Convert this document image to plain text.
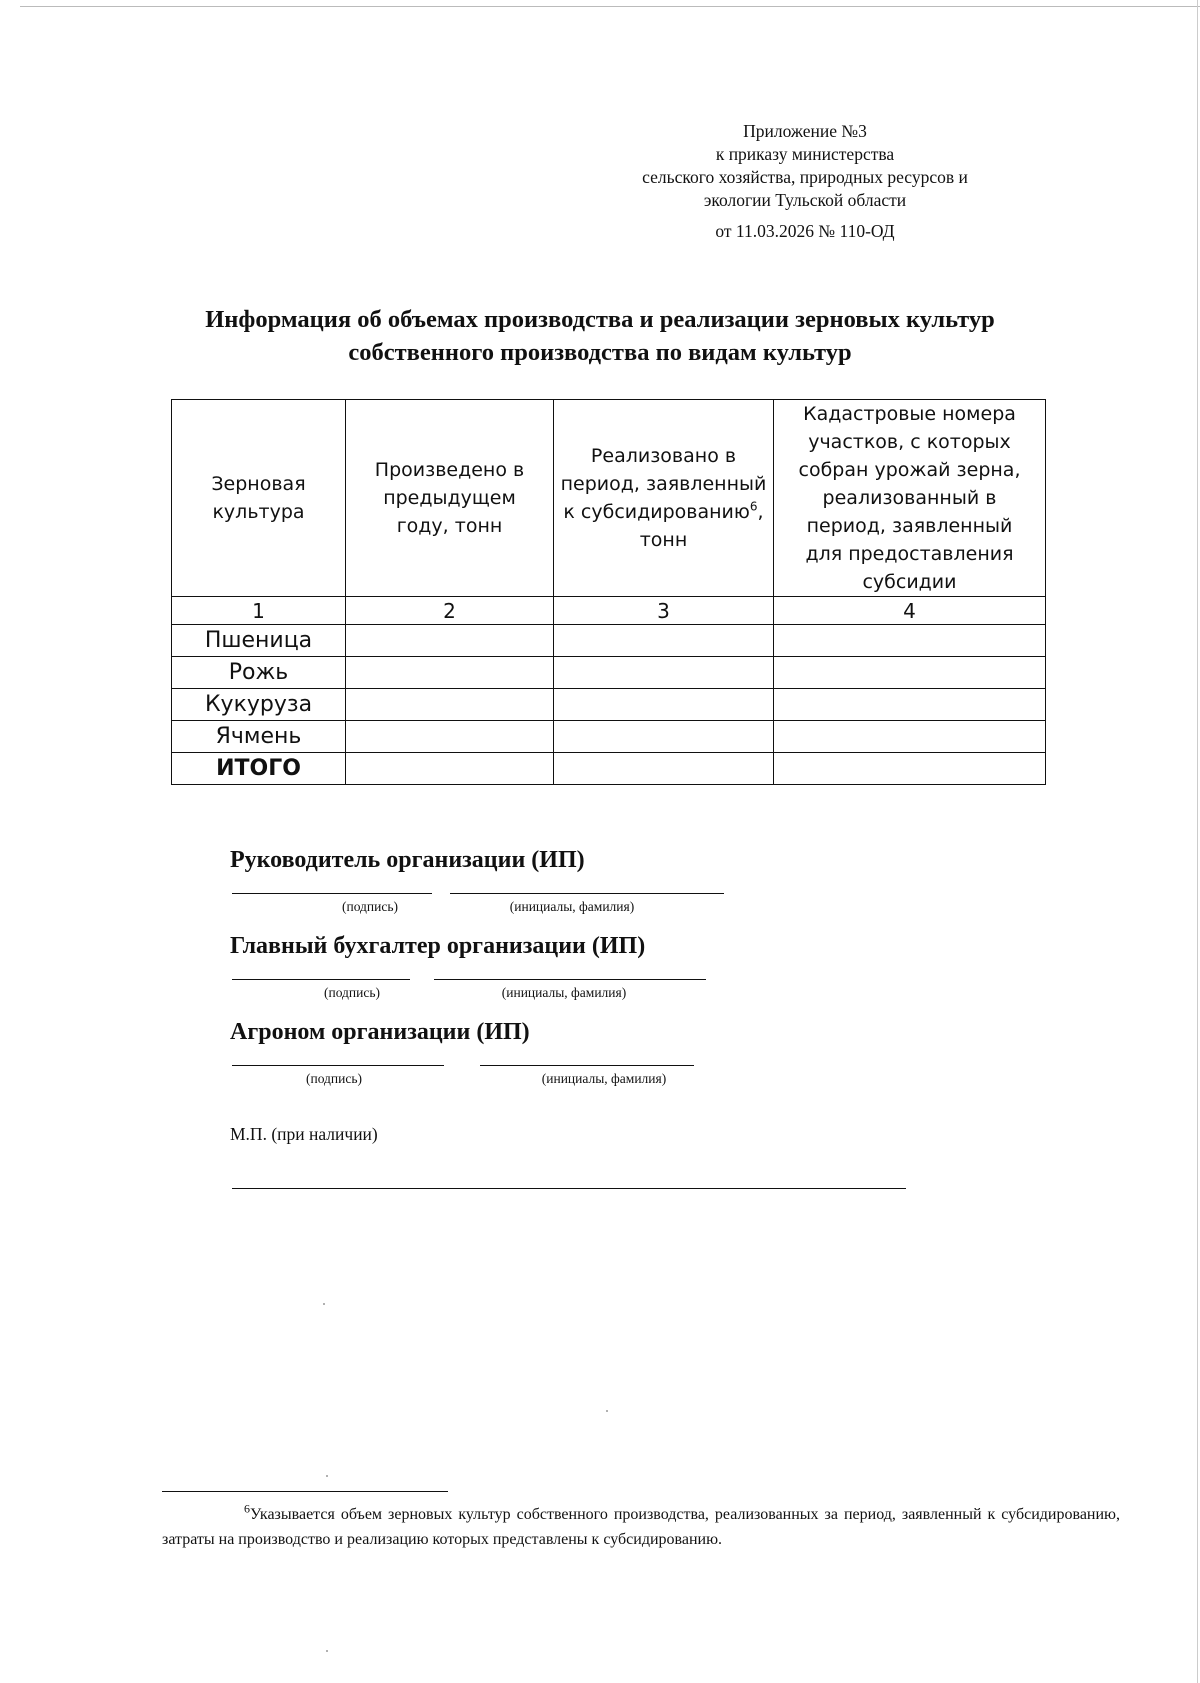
Приложение №3
к приказу министерства
сельского хозяйства, природных ресурсов и
экологии Тульской области
от 11.03.2026 № 110-ОД
Информация об объемах производства и реализации зерновых культур
собственного производства по видам культур
Зерновая культура	Произведено в предыдущем году, тонн	Реализовано в период, заявленный к субсидированию$^6$, тонн	Кадастровые номера участков, с которых собран урожай зерна, реализованный в период, заявленный для предоставления субсидии

1	2	3	4
Пшеница			
Рожь			
Кукуруза			
Ячмень			
ИТОГО			
Руководитель организации (ИП)
(подпись)	(инициалы, фамилия)
Главный бухгалтер организации (ИП)
(подпись)	(инициалы, фамилия)
Агроном организации (ИП)
(подпись)	(инициалы, фамилия)
М.П. (при наличии)
$^6$Указывается объем зерновых культур собственного производства, реализованных за период, заявленный к субсидированию, затраты на производство и реализацию которых представлены к субсидированию.
